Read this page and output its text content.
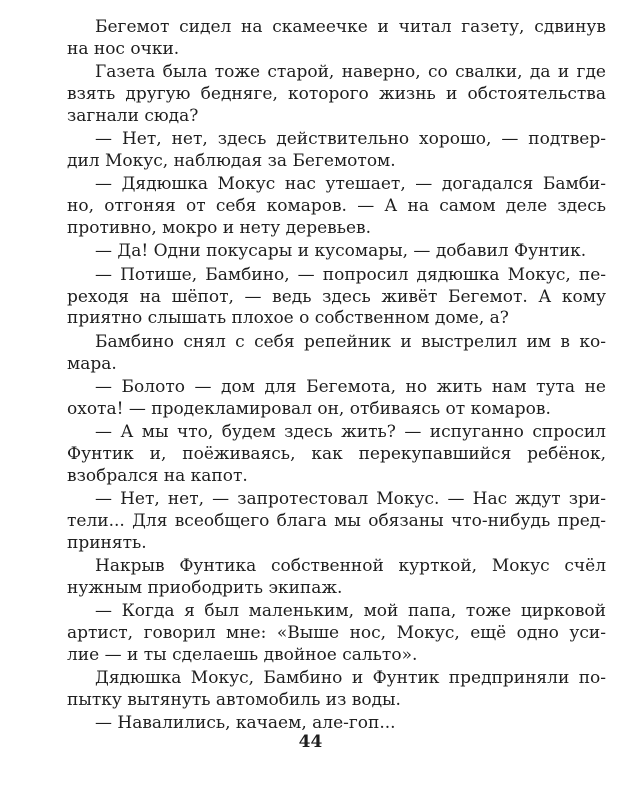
Бегемот сидел на скамеечке и читал газету, сдвинув
на нос очки.
Газета была тоже старой, наверно, со свалки, да и где
взять другую бедняге, которого жизнь и обстоятельства
загнали сюда?
— Нет, нет, здесь действительно хорошо, — подтвер-
дил Мокус, наблюдая за Бегемотом.
— Дядюшка Мокус нас утешает, — догадался Бамби-
но, отгоняя от себя комаров. — А на самом деле здесь
противно, мокро и нету деревьев.
— Да! Одни покусары и кусомары, — добавил Фунтик.
— Потише, Бамбино, — попросил дядюшка Мокус, пе-
реходя на шёпот, — ведь здесь живёт Бегемот. А кому
приятно слышать плохое о собственном доме, а?
Бамбино снял с себя репейник и выстрелил им в ко-
мара.
— Болото — дом для Бегемота, но жить нам тута не
охота! — продекламировал он, отбиваясь от комаров.
— А мы что, будем здесь жить? — испуганно спросил
Фунтик и, поёживаясь, как перекупавшийся ребёнок,
взобрался на капот.
— Нет, нет, — запротестовал Мокус. — Нас ждут зри-
тели... Для всеобщего блага мы обязаны что-нибудь пред-
принять.
Накрыв Фунтика собственной курткой, Мокус счёл
нужным приободрить экипаж.
— Когда я был маленьким, мой папа, тоже цирковой
артист, говорил мне: «Выше нос, Мокус, ещё одно уси-
лие — и ты сделаешь двойное сальто».
Дядюшка Мокус, Бамбино и Фунтик предприняли по-
пытку вытянуть автомобиль из воды.
— Навалились, качаем, але-гоп...
44
